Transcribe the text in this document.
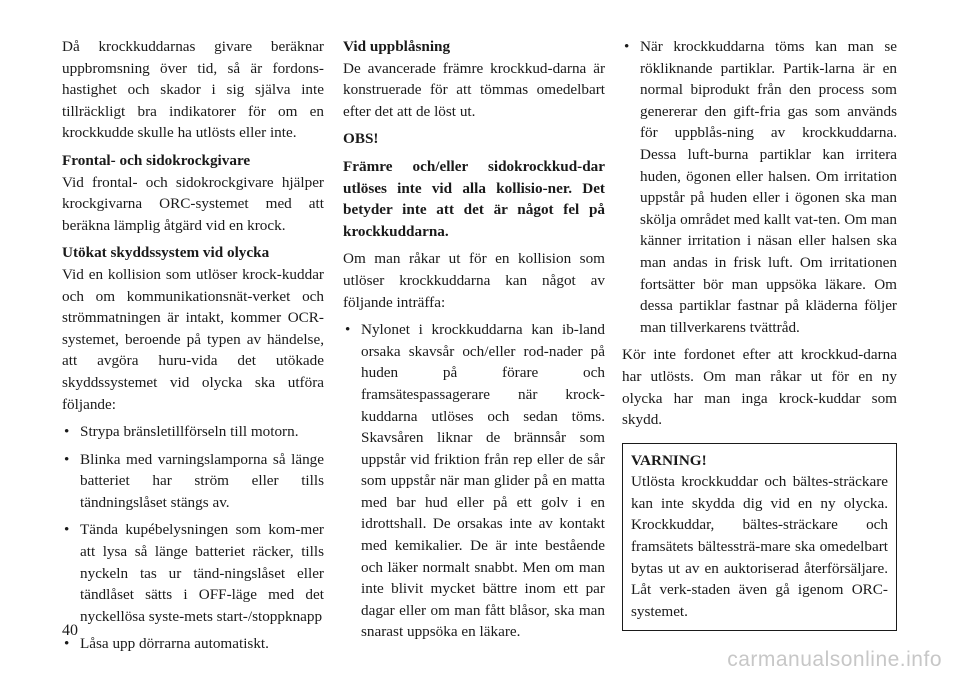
Då krockkuddarnas givare beräknar uppbromsning över tid, så är fordons-hastighet och skador i sig själva inte tillräckligt bra indikatorer för om en krockkudde skulle ha utlösts eller inte.

Frontal- och sidokrockgivare

Vid frontal- och sidokrockgivare hjälper krockgivarna ORC-systemet med att beräkna lämplig åtgärd vid en krock.

Utökat skyddssystem vid olycka

Vid en kollision som utlöser krock-kuddar och om kommunikationsnät-verket och strömmatningen är intakt, kommer OCR-systemet, beroende på typen av händelse, att avgöra huru-vida det utökade skyddssystemet vid olycka ska utföra följande:

• Strypa bränsletillförseln till motorn.
• Blinka med varningslamporna så länge batteriet har ström eller tills tändningslåset stängs av.
• Tända kupébelysningen som kom-mer att lysa så länge batteriet räcker, tills nyckeln tas ur tänd-ningslåset eller tändlåset sätts i OFF-läge med det nyckellösa syste-mets start-/stoppknapp
• Låsa upp dörrarna automatiskt.

Vid uppblåsning

De avancerade främre krockkud-darna är konstruerade för att tömmas omedelbart efter det att de löst ut.

OBS!

Främre och/eller sidokrockkud-dar utlöses inte vid alla kollisio-ner. Det betyder inte att det är något fel på krockkuddarna.

Om man råkar ut för en kollision som utlöser krockkuddarna kan något av följande inträffa:

• Nylonet i krockkuddarna kan ib-land orsaka skavsår och/eller rod-nader på huden på förare och framsätespassagerare när krock-kuddarna utlöses och sedan töms. Skavsåren liknar de brännsår som uppstår vid friktion från rep eller de sår som uppstår när man glider på en matta med bar hud eller på ett golv i en idrottshall. De orsakas inte av kontakt med kemikalier. De är inte bestående och läker normalt snabbt. Men om man inte blivit mycket bättre inom ett par dagar eller om man fått blåsor, ska man snarast uppsöka en läkare.
• När krockkuddarna töms kan man se rökliknande partiklar. Partik-larna är en normal biprodukt från den process som genererar den gift-fria gas som används för uppblås-ning av krockkuddarna. Dessa luft-burna partiklar kan irritera huden, ögonen eller halsen. Om irritation uppstår på huden eller i ögonen ska man skölja området med kallt vat-ten. Om man känner irritation i näsan eller halsen ska man andas in frisk luft. Om irritationen fortsätter bör man uppsöka läkare. Om dessa partiklar fastnar på kläderna följer man tillverkarens tvättråd.

Kör inte fordonet efter att krockkud-darna har utlösts. Om man råkar ut för en ny olycka har man inga krock-kuddar som skydd.

VARNING!

Utlösta krockkuddar och bältes-sträckare kan inte skydda dig vid en ny olycka. Krockkuddar, bältes-sträckare och framsätets bältessträ-mare ska omedelbart bytas ut av en auktoriserad återförsäljare. Låt verk-staden även gå igenom ORC-systemet.

40
carmanualsonline.info
